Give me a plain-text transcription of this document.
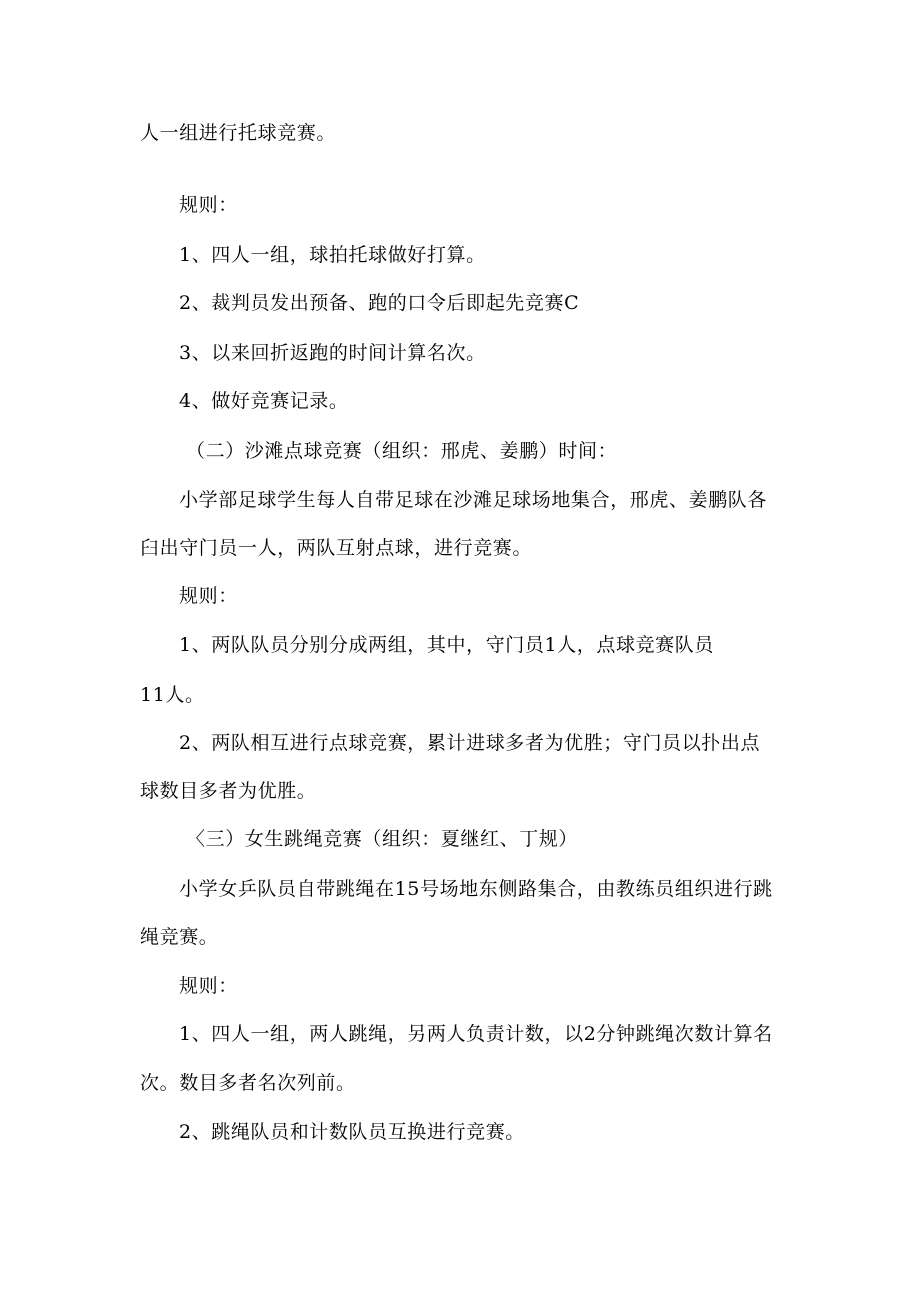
人一组进行托球竞赛。
规则：
1、四人一组，球拍托球做好打算。
2、裁判员发出预备、跑的口令后即起先竞赛C
3、以来回折返跑的时间计算名次。
4、做好竞赛记录。
（二）沙滩点球竞赛（组织：邢虎、姜鹏）时间：
小学部足球学生每人自带足球在沙滩足球场地集合，邢虎、姜鹏队各
臼出守门员一人，两队互射点球，进行竞赛。
规则：
1、两队队员分别分成两组，其中，守门员1人，点球竞赛队员
11人。
2、两队相互进行点球竞赛，累计进球多者为优胜；守门员以扑出点
球数目多者为优胜。
〈三）女生跳绳竞赛（组织：夏继红、丁规）
小学女乒队员自带跳绳在15号场地东侧路集合，由教练员组织进行跳
绳竞赛。
规则：
1、四人一组，两人跳绳，另两人负责计数，以2分钟跳绳次数计算名
次。数目多者名次列前。
2、跳绳队员和计数队员互换进行竞赛。
